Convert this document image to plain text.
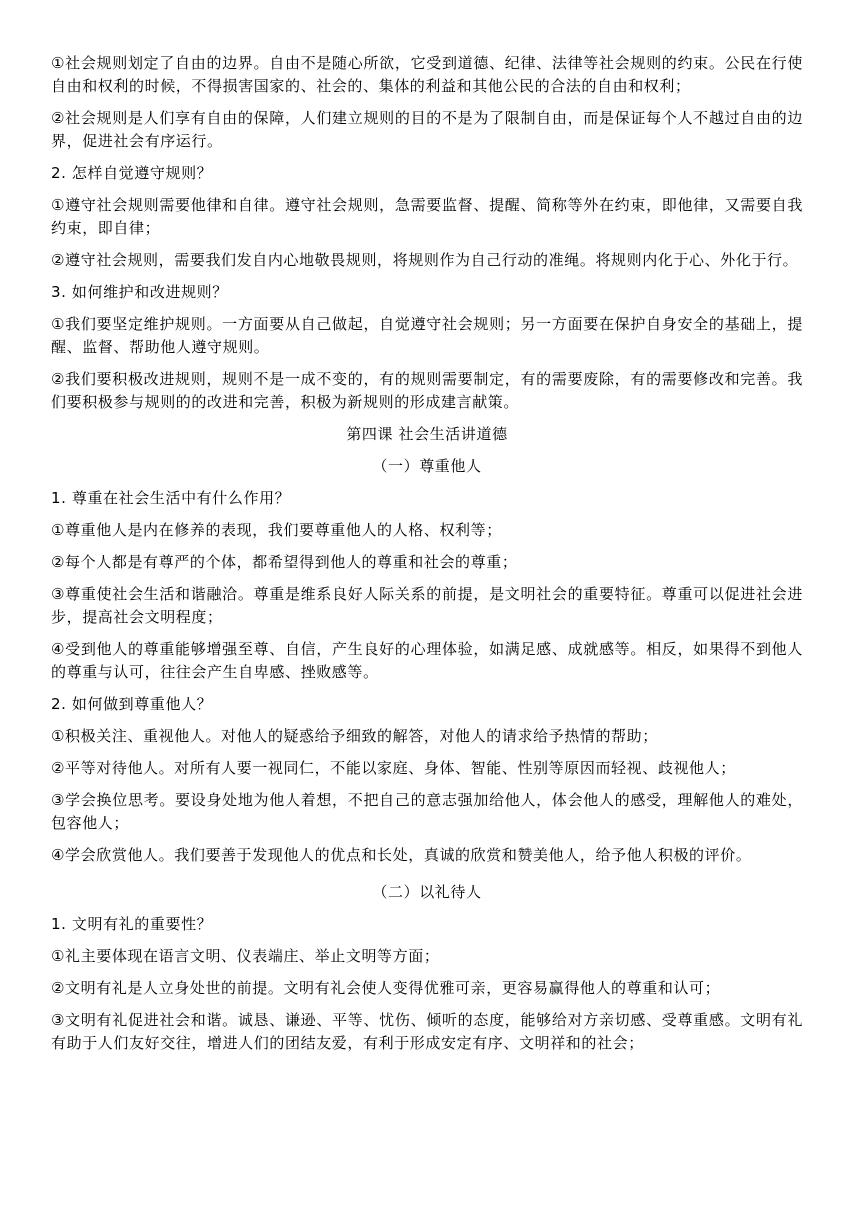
①社会规则划定了自由的边界。自由不是随心所欲，它受到道德、纪律、法律等社会规则的约束。公民在行使自由和权利的时候，不得损害国家的、社会的、集体的利益和其他公民的合法的自由和权利；

②社会规则是人们享有自由的保障，人们建立规则的目的不是为了限制自由，而是保证每个人不越过自由的边界，促进社会有序运行。

2. 怎样自觉遵守规则？

①遵守社会规则需要他律和自律。遵守社会规则，急需要监督、提醒、简称等外在约束，即他律，又需要自我约束，即自律；

②遵守社会规则，需要我们发自内心地敬畏规则，将规则作为自己行动的准绳。将规则内化于心、外化于行。

3. 如何维护和改进规则？

①我们要坚定维护规则。一方面要从自己做起，自觉遵守社会规则；另一方面要在保护自身安全的基础上，提醒、监督、帮助他人遵守规则。

②我们要积极改进规则，规则不是一成不变的，有的规则需要制定，有的需要废除，有的需要修改和完善。我们要积极参与规则的的改进和完善，积极为新规则的形成建言献策。

第四课 社会生活讲道德

（一）尊重他人

1. 尊重在社会生活中有什么作用？

①尊重他人是内在修养的表现，我们要尊重他人的人格、权利等；

②每个人都是有尊严的个体，都希望得到他人的尊重和社会的尊重；

③尊重使社会生活和谐融洽。尊重是维系良好人际关系的前提，是文明社会的重要特征。尊重可以促进社会进步，提高社会文明程度；

④受到他人的尊重能够增强至尊、自信，产生良好的心理体验，如满足感、成就感等。相反，如果得不到他人的尊重与认可，往往会产生自卑感、挫败感等。

2. 如何做到尊重他人？

①积极关注、重视他人。对他人的疑惑给予细致的解答，对他人的请求给予热情的帮助；

②平等对待他人。对所有人要一视同仁，不能以家庭、身体、智能、性别等原因而轻视、歧视他人；

③学会换位思考。要设身处地为他人着想，不把自己的意志强加给他人，体会他人的感受，理解他人的难处，包容他人；

④学会欣赏他人。我们要善于发现他人的优点和长处，真诚的欣赏和赞美他人，给予他人积极的评价。

（二）以礼待人

1. 文明有礼的重要性？

①礼主要体现在语言文明、仪表端庄、举止文明等方面；

②文明有礼是人立身处世的前提。文明有礼会使人变得优雅可亲，更容易赢得他人的尊重和认可；

③文明有礼促进社会和谐。诚恳、谦逊、平等、忧伤、倾听的态度，能够给对方亲切感、受尊重感。文明有礼有助于人们友好交往，增进人们的团结友爱，有利于形成安定有序、文明祥和的社会；
